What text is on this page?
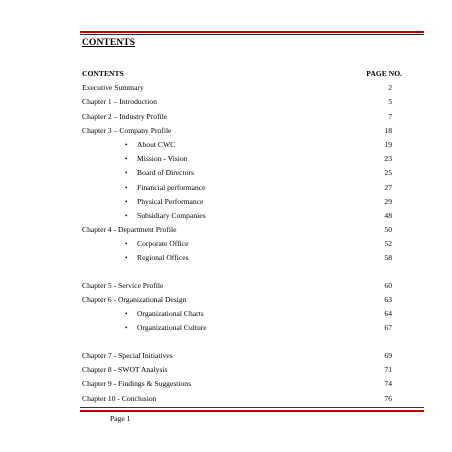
CONTENTS
CONTENTS	PAGE NO.
Executive Summary	2
Chapter 1 – Introduction	5
Chapter 2 – Industry Profile	7
Chapter 3 – Company Profile	18
• About CWC	19
• Mission - Vision	23
• Board of Directors	25
• Financial performance	27
• Physical Performance	29
• Subsidiary Companies	48
Chapter 4 - Department Profile	50
• Corporate Office	52
• Regional Offices	58
Chapter 5 - Service Profile	60
Chapter 6 - Organizational Design	63
• Organizational Charts	64
• Organizational Culture	67
Chapter 7 - Special Initiatives	69
Chapter 8 - SWOT Analysis	71
Chapter 9 - Findings & Suggestions	74
Chapter 10 - Conclusion	76
Page 1
